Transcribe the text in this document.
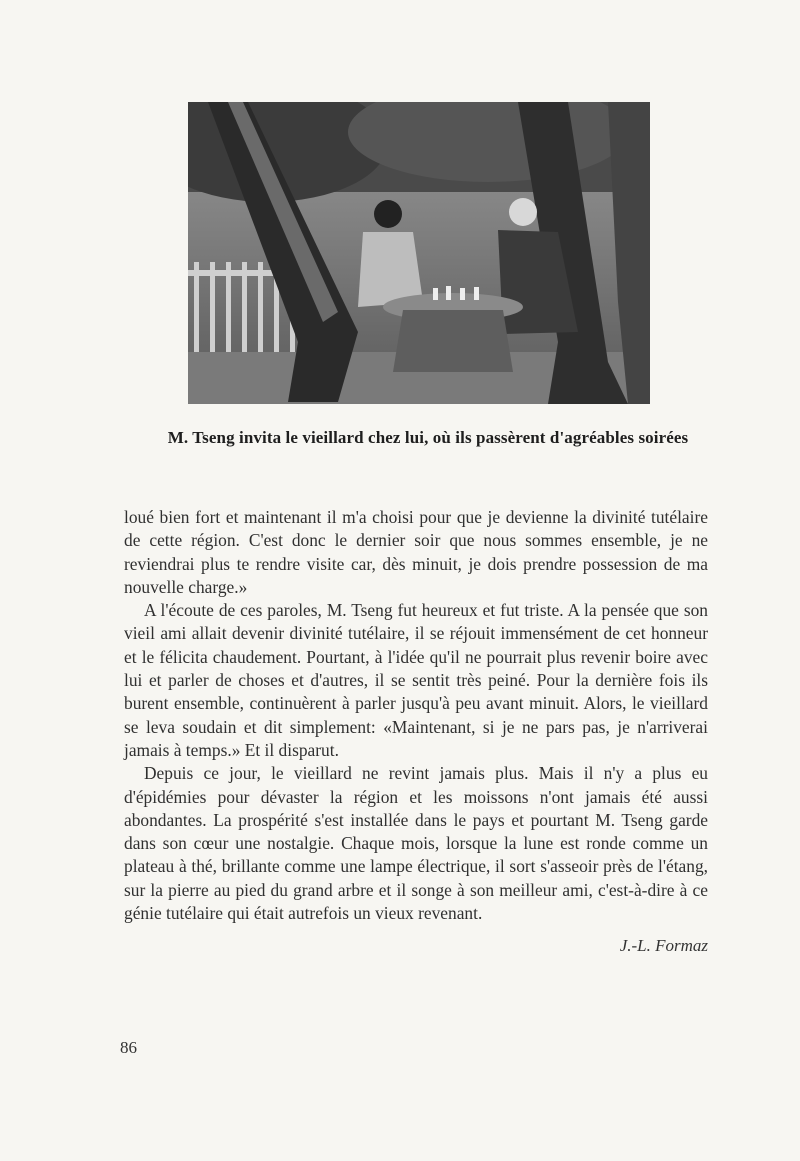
M. Tseng invita le vieillard chez lui, où ils passèrent d'agréables soirées

loué bien fort et maintenant il m'a choisi pour que je devienne la divinité tutélaire de cette région. C'est donc le dernier soir que nous sommes ensemble, je ne reviendrai plus te rendre visite car, dès minuit, je dois prendre possession de ma nouvelle charge.»

A l'écoute de ces paroles, M. Tseng fut heureux et fut triste. A la pensée que son vieil ami allait devenir divinité tutélaire, il se réjouit immensément de cet honneur et le félicita chaudement. Pourtant, à l'idée qu'il ne pourrait plus revenir boire avec lui et parler de choses et d'autres, il se sentit très peiné. Pour la dernière fois ils burent ensemble, continuèrent à parler jusqu'à peu avant minuit. Alors, le vieillard se leva soudain et dit simplement: «Maintenant, si je ne pars pas, je n'arriverai jamais à temps.» Et il disparut.

Depuis ce jour, le vieillard ne revint jamais plus. Mais il n'y a plus eu d'épidémies pour dévaster la région et les moissons n'ont jamais été aussi abondantes. La prospérité s'est installée dans le pays et pourtant M. Tseng garde dans son cœur une nostalgie. Chaque mois, lorsque la lune est ronde comme un plateau à thé, brillante comme une lampe électrique, il sort s'asseoir près de l'étang, sur la pierre au pied du grand arbre et il songe à son meilleur ami, c'est-à-dire à ce génie tutélaire qui était autrefois un vieux revenant.

J.-L. Formaz
86
